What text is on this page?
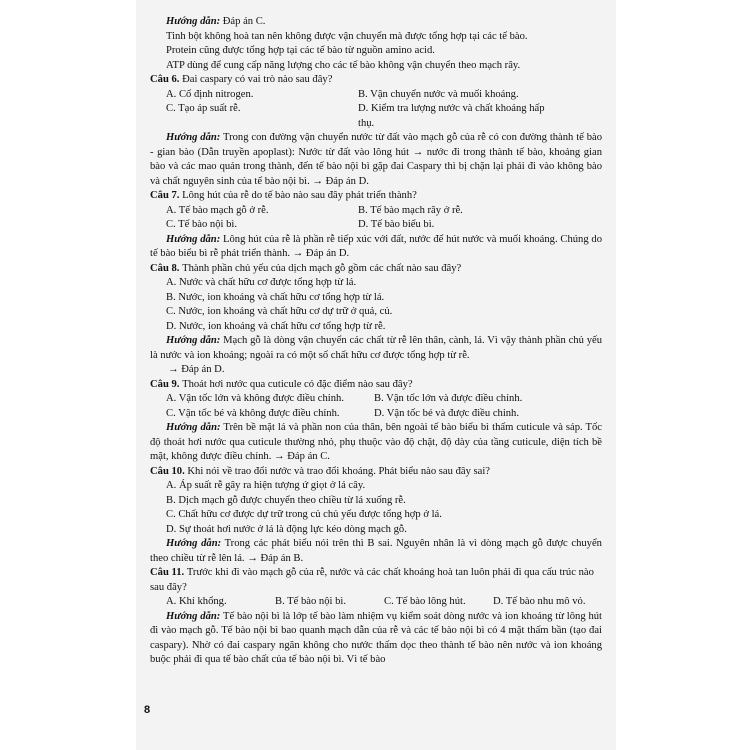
Hướng dẫn: Đáp án C.

Tinh bột không hoà tan nên không được vận chuyển mà được tổng hợp tại các tế bào.

Protein cũng được tổng hợp tại các tế bào từ nguồn amino acid.

ATP dùng để cung cấp năng lượng cho các tế bào không vận chuyển theo mạch rây.

Câu 6. Đai caspary có vai trò nào sau đây?

A. Cố định nitrogen.	B. Vận chuyển nước và muối khoáng.
C. Tạo áp suất rễ.	D. Kiểm tra lượng nước và chất khoáng hấp thụ.

Hướng dẫn: Trong con đường vận chuyển nước từ đất vào mạch gỗ của rễ có con đường thành tế bào - gian bào (Dẫn truyền apoplast): Nước từ đất vào lông hút → nước đi trong thành tế bào, khoảng gian bào và các mao quản trong thành, đến tế bào nội bì gặp đai Caspary thì bị chặn lại phải đi vào không bào và chất nguyên sinh của tế bào nội bì. → Đáp án D.

Câu 7. Lông hút của rễ do tế bào nào sau đây phát triển thành?

A. Tế bào mạch gỗ ở rễ.	B. Tế bào mạch rây ở rễ.
C. Tế bào nội bì.	D. Tế bào biểu bì.

Hướng dẫn: Lông hút của rễ là phần rễ tiếp xúc với đất, nước để hút nước và muối khoáng. Chúng do tế bào biểu bì rễ phát triển thành. → Đáp án D.

Câu 8. Thành phần chủ yếu của dịch mạch gỗ gồm các chất nào sau đây?

A. Nước và chất hữu cơ được tổng hợp từ lá.

B. Nước, ion khoáng và chất hữu cơ tổng hợp từ lá.

C. Nước, ion khoáng và chất hữu cơ dự trữ ở quả, củ.

D. Nước, ion khoáng và chất hữu cơ tổng hợp từ rễ.

Hướng dẫn: Mạch gỗ là dòng vận chuyển các chất từ rễ lên thân, cành, lá. Vì vậy thành phần chủ yếu là nước và ion khoáng; ngoài ra có một số chất hữu cơ được tổng hợp từ rễ.

→ Đáp án D.

Câu 9. Thoát hơi nước qua cuticule có đặc điểm nào sau đây?

A. Vận tốc lớn và không được điều chỉnh.	B. Vận tốc lớn và được điều chỉnh.
C. Vận tốc bé và không được điều chỉnh.	D. Vận tốc bé và được điều chỉnh.

Hướng dẫn: Trên bề mặt lá và phần non của thân, bên ngoài tế bào biểu bì thấm cuticule và sáp. Tốc độ thoát hơi nước qua cuticule thường nhỏ, phụ thuộc vào độ chặt, độ dày của tầng cuticule, diện tích bề mặt, không được điều chỉnh. → Đáp án C.

Câu 10. Khi nói về trao đổi nước và trao đổi khoáng. Phát biểu nào sau đây sai?

A. Áp suất rễ gây ra hiện tượng ứ giọt ở lá cây.

B. Dịch mạch gỗ được chuyển theo chiều từ lá xuống rễ.

C. Chất hữu cơ được dự trữ trong củ chủ yếu được tổng hợp ở lá.

D. Sự thoát hơi nước ở lá là động lực kéo dòng mạch gỗ.

Hướng dẫn: Trong các phát biểu nói trên thì B sai. Nguyên nhân là vì dòng mạch gỗ được chuyển theo chiều từ rễ lên lá. → Đáp án B.

Câu 11. Trước khi đi vào mạch gỗ của rễ, nước và các chất khoáng hoà tan luôn phải đi qua cấu trúc nào sau đây?

A. Khí khổng.	B. Tế bào nội bì.	C. Tế bào lông hút.	D. Tế bào nhu mô vỏ.

Hướng dẫn: Tế bào nội bì là lớp tế bào làm nhiệm vụ kiểm soát dòng nước và ion khoáng từ lông hút đi vào mạch gỗ. Tế bào nội bì bao quanh mạch dẫn của rễ và các tế bào nội bì có 4 mặt thấm bần (tạo đai caspary). Nhờ có đai caspary ngăn không cho nước thấm dọc theo thành tế bào nên nước và ion khoáng buộc phải đi qua tế bào chất của tế bào nội bì. Vì tế bào

8
